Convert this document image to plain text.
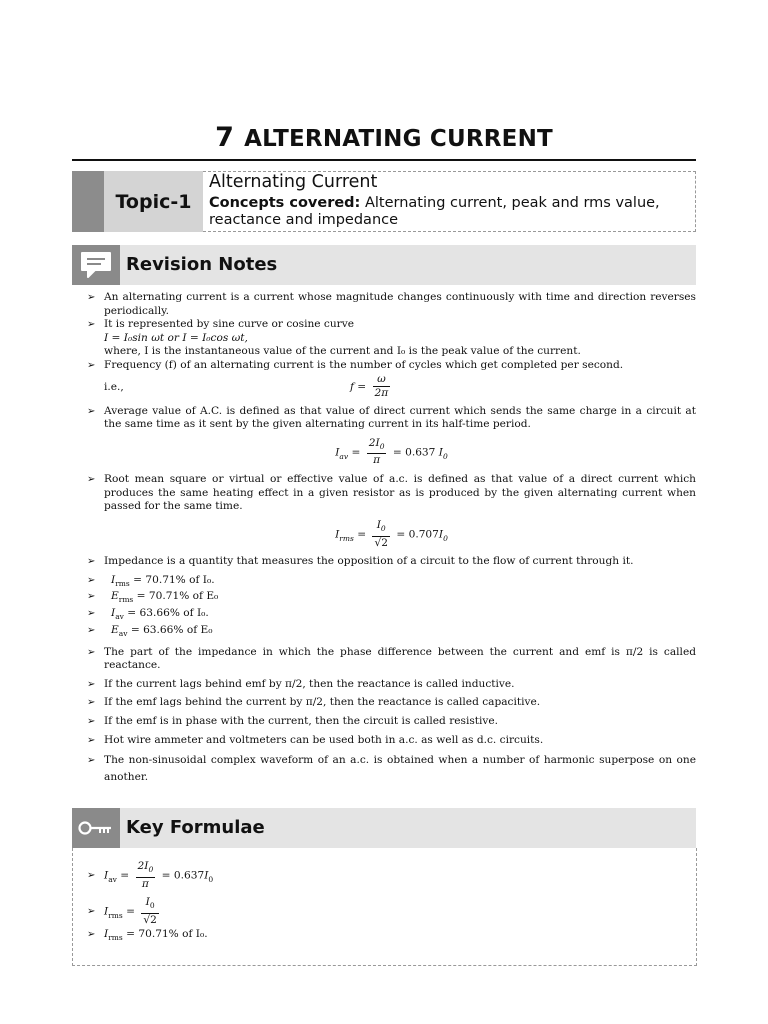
7 ALTERNATING CURRENT
Topic-1
Alternating Current
Concepts covered: Alternating current, peak and rms value, reactance and impedance
Revision Notes
➢ An alternating current is a current whose magnitude changes continuously with time and direction reverses periodically.
➢ It is represented by sine curve or cosine curve
I = I₀sin ωt or I = I₀cos ωt,
where, I is the instantaneous value of the current and I₀ is the peak value of the current.
➢ Frequency (f) of an alternating current is the number of cycles which get completed per second.
i.e.,	$f = \frac{\omega}{2\pi}$
➢ Average value of A.C. is defined as that value of direct current which sends the same charge in a circuit at the same time as it sent by the given alternating current in its half-time period.
$I_{av} = \frac{2I_0}{\pi} = 0.637$ $I_0$
➢ Root mean square or virtual or effective value of a.c. is defined as that value of a direct current which produces the same heating effect in a given resistor as is produced by the given alternating current when passed for the same time.
$I_{rms} = \frac{I_0}{√2} = 0.707I_0$
➢ Impedance is a quantity that measures the opposition of a circuit to the flow of current through it.
➢ $I_{rms} = 70.71\%$ of I₀.
➢ $E_{rms} = 70.71\%$ of E₀
➢ $I_{av} = 63.66\%$ of I₀.
➢ $E_{av} = 63.66\%$ of E₀
➢ The part of the impedance in which the phase difference between the current and emf is π/2 is called reactance.
➢ If the current lags behind emf by π/2, then the reactance is called inductive.
➢ If the emf lags behind the current by π/2, then the reactance is called capacitive.
➢ If the emf is in phase with the current, then the circuit is called resistive.
➢ Hot wire ammeter and voltmeters can be used both in a.c. as well as d.c. circuits.
➢ The non-sinusoidal complex waveform of an a.c. is obtained when a number of harmonic superpose on one another.
Key Formulae
➢ $I_{av} = \frac{2I_0}{\pi} = 0.637I_0$
➢ $I_{rms} = \frac{I_0}{√2}$
➢ $I_{rms} = 70.71\%$ of I₀.
